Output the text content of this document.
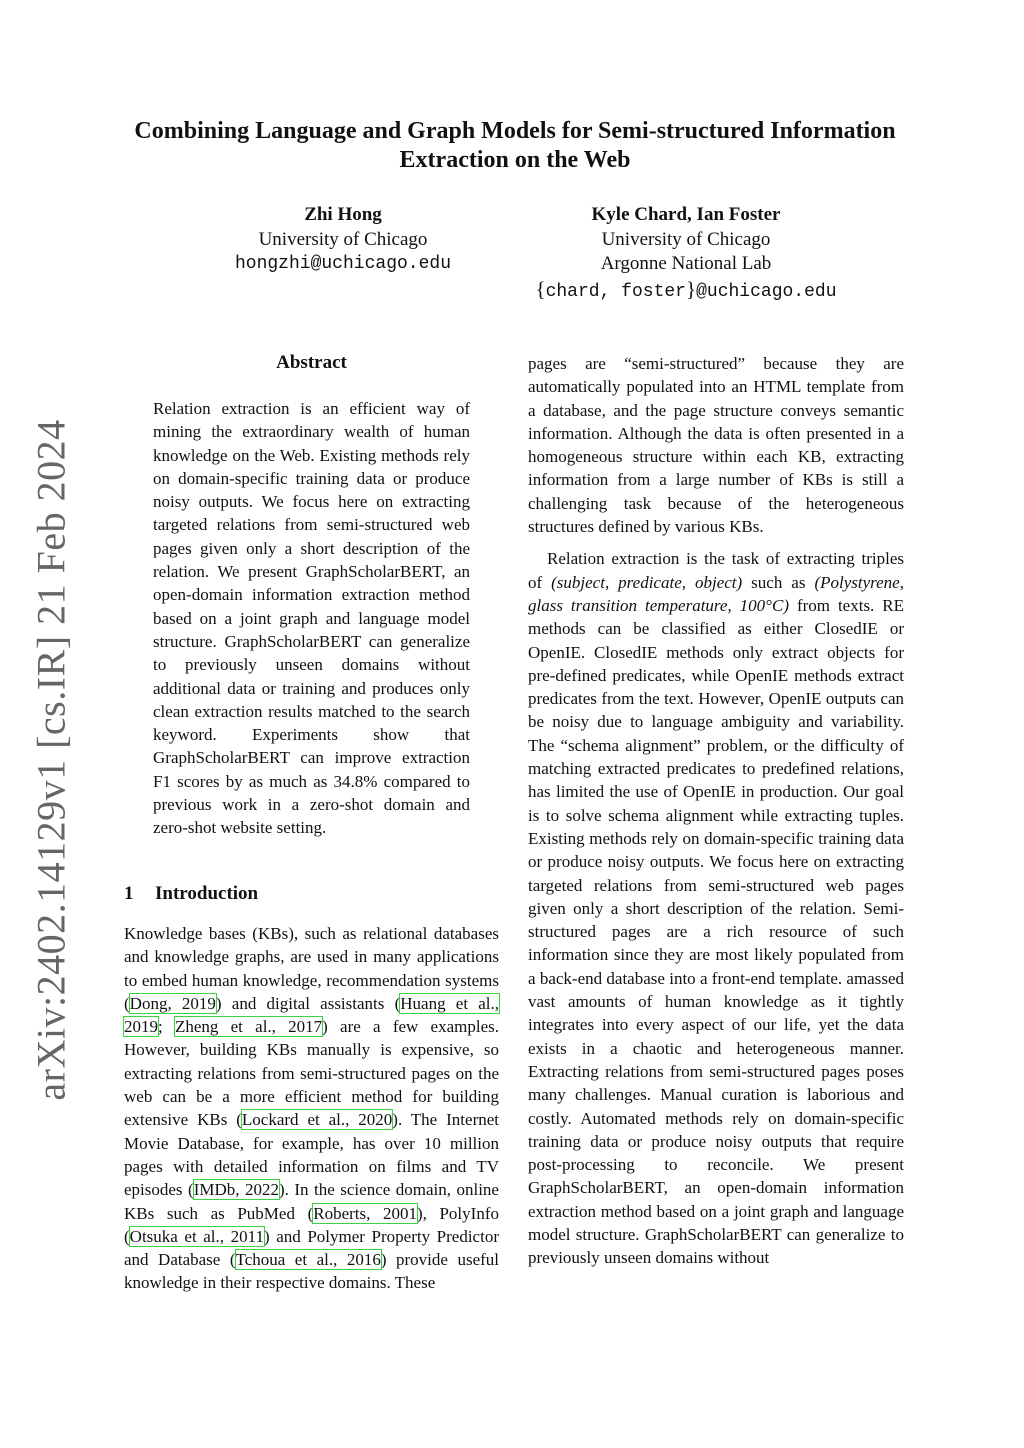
arXiv:2402.14129v1 [cs.IR] 21 Feb 2024
Combining Language and Graph Models for Semi-structured Information Extraction on the Web
Zhi Hong
University of Chicago
hongzhi@uchicago.edu
Kyle Chard, Ian Foster
University of Chicago
Argonne National Lab
{chard, foster}@uchicago.edu
Abstract
Relation extraction is an efficient way of mining the extraordinary wealth of human knowledge on the Web. Existing methods rely on domain-specific training data or produce noisy outputs. We focus here on extracting targeted relations from semi-structured web pages given only a short description of the relation. We present GraphScholarBERT, an open-domain information extraction method based on a joint graph and language model structure. GraphScholarBERT can generalize to previously unseen domains without additional data or training and produces only clean extraction results matched to the search keyword. Experiments show that GraphScholarBERT can improve extraction F1 scores by as much as 34.8% compared to previous work in a zero-shot domain and zero-shot website setting.
1 Introduction
Knowledge bases (KBs), such as relational databases and knowledge graphs, are used in many applications to embed human knowledge, recommendation systems (Dong, 2019) and digital assistants (Huang et al., 2019; Zheng et al., 2017) are a few examples. However, building KBs manually is expensive, so extracting relations from semi-structured pages on the web can be a more efficient method for building extensive KBs (Lockard et al., 2020). The Internet Movie Database, for example, has over 10 million pages with detailed information on films and TV episodes (IMDb, 2022). In the science domain, online KBs such as PubMed (Roberts, 2001), PolyInfo (Otsuka et al., 2011) and Polymer Property Predictor and Database (Tchoua et al., 2016) provide useful knowledge in their respective domains. These

pages are “semi-structured” because they are automatically populated into an HTML template from a database, and the page structure conveys semantic information. Although the data is often presented in a homogeneous structure within each KB, extracting information from a large number of KBs is still a challenging task because of the heterogeneous structures defined by various KBs.

Relation extraction is the task of extracting triples of (subject, predicate, object) such as (Polystyrene, glass transition temperature, 100°C) from texts. RE methods can be classified as either ClosedIE or OpenIE. ClosedIE methods only extract objects for pre-defined predicates, while OpenIE methods extract predicates from the text. However, OpenIE outputs can be noisy due to language ambiguity and variability. The “schema alignment” problem, or the difficulty of matching extracted predicates to predefined relations, has limited the use of OpenIE in production. Our goal is to solve schema alignment while extracting tuples. Existing methods rely on domain-specific training data or produce noisy outputs. We focus here on extracting targeted relations from semi-structured web pages given only a short description of the relation. Semi-structured pages are a rich resource of such information since they are most likely populated from a back-end database into a front-end template. amassed vast amounts of human knowledge as it tightly integrates into every aspect of our life, yet the data exists in a chaotic and heterogeneous manner. Extracting relations from semi-structured pages poses many challenges. Manual curation is laborious and costly. Automated methods rely on domain-specific training data or produce noisy outputs that require post-processing to reconcile. We present GraphScholarBERT, an open-domain information extraction method based on a joint graph and language model structure. GraphScholarBERT can generalize to previously unseen domains without
